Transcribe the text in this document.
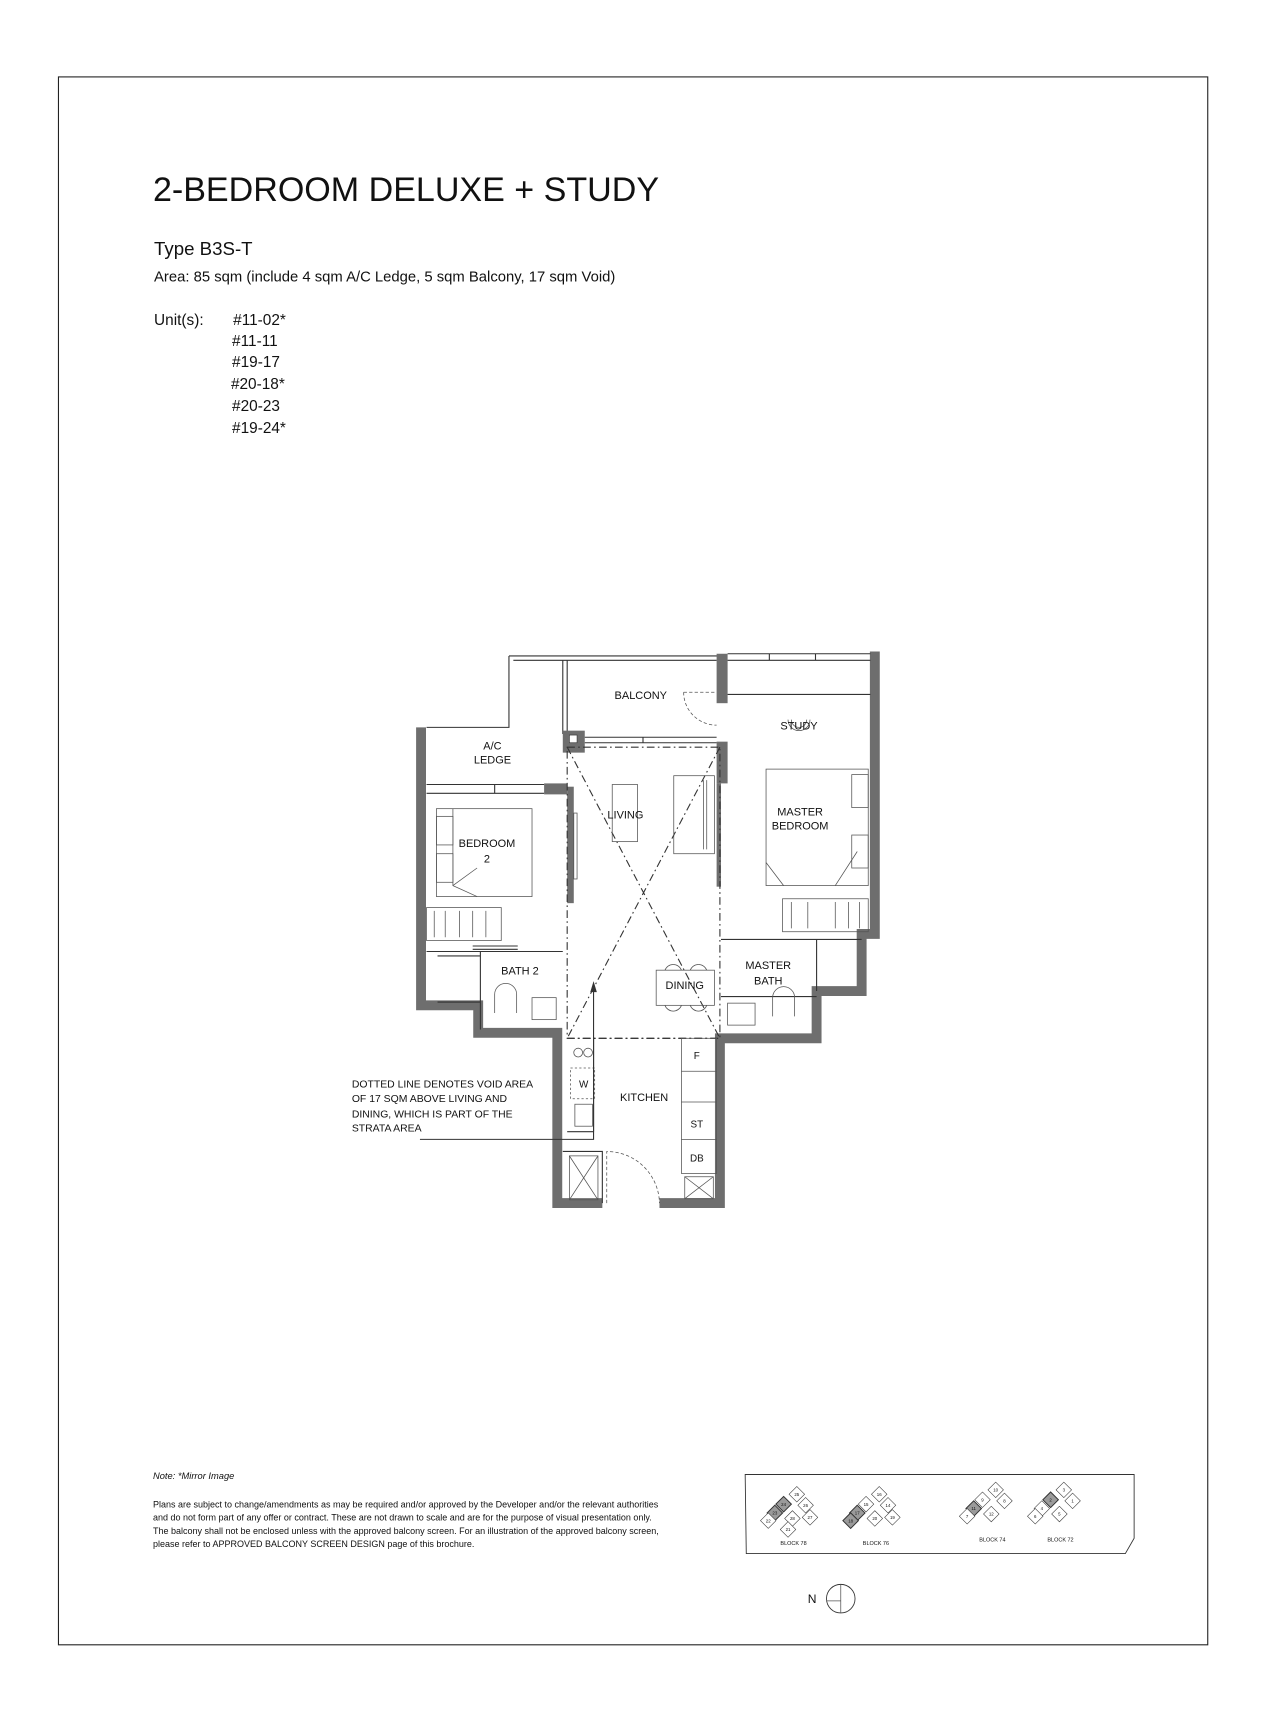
2-BEDROOM DELUXE + STUDY
Type B3S-T
Area: 85 sqm (include 4 sqm A/C Ledge, 5 sqm Balcony, 17 sqm Void)
Unit(s): #11-02*
#11-11
#19-17
#20-18*
#20-23
#19-24*
BALCONY
STUDY
A/C
LEDGE
LIVING	MASTER
BEDROOM
BEDROOM
2
BATH 2
DINING
MASTER
BATH
KITCHEN
F
W
ST
DB
DOTTED LINE DENOTES VOID AREA
OF 17 SQM ABOVE LIVING AND
DINING, WHICH IS PART OF THE
STRATA AREA
Note: *Mirror Image
Plans are subject to change/amendments as may be required and/or approved by the Developer and/or the relevant authorities
and do not form part of any offer or contract. These are not drawn to scale and are for the purpose of visual presentation only.
The balcony shall not be enclosed unless with the approved balcony screen. For an illustration of the approved balcony screen,
please refer to APPROVED BALCONY SCREEN DESIGN page of this brochure.
25
24
23
26
22	28	27
21
BLOCK 78
16
15
17
14
18	20	19
BLOCK 76
10
9
11
8
7	12
BLOCK 74
3
2
4
1
6	5
BLOCK 72
N
